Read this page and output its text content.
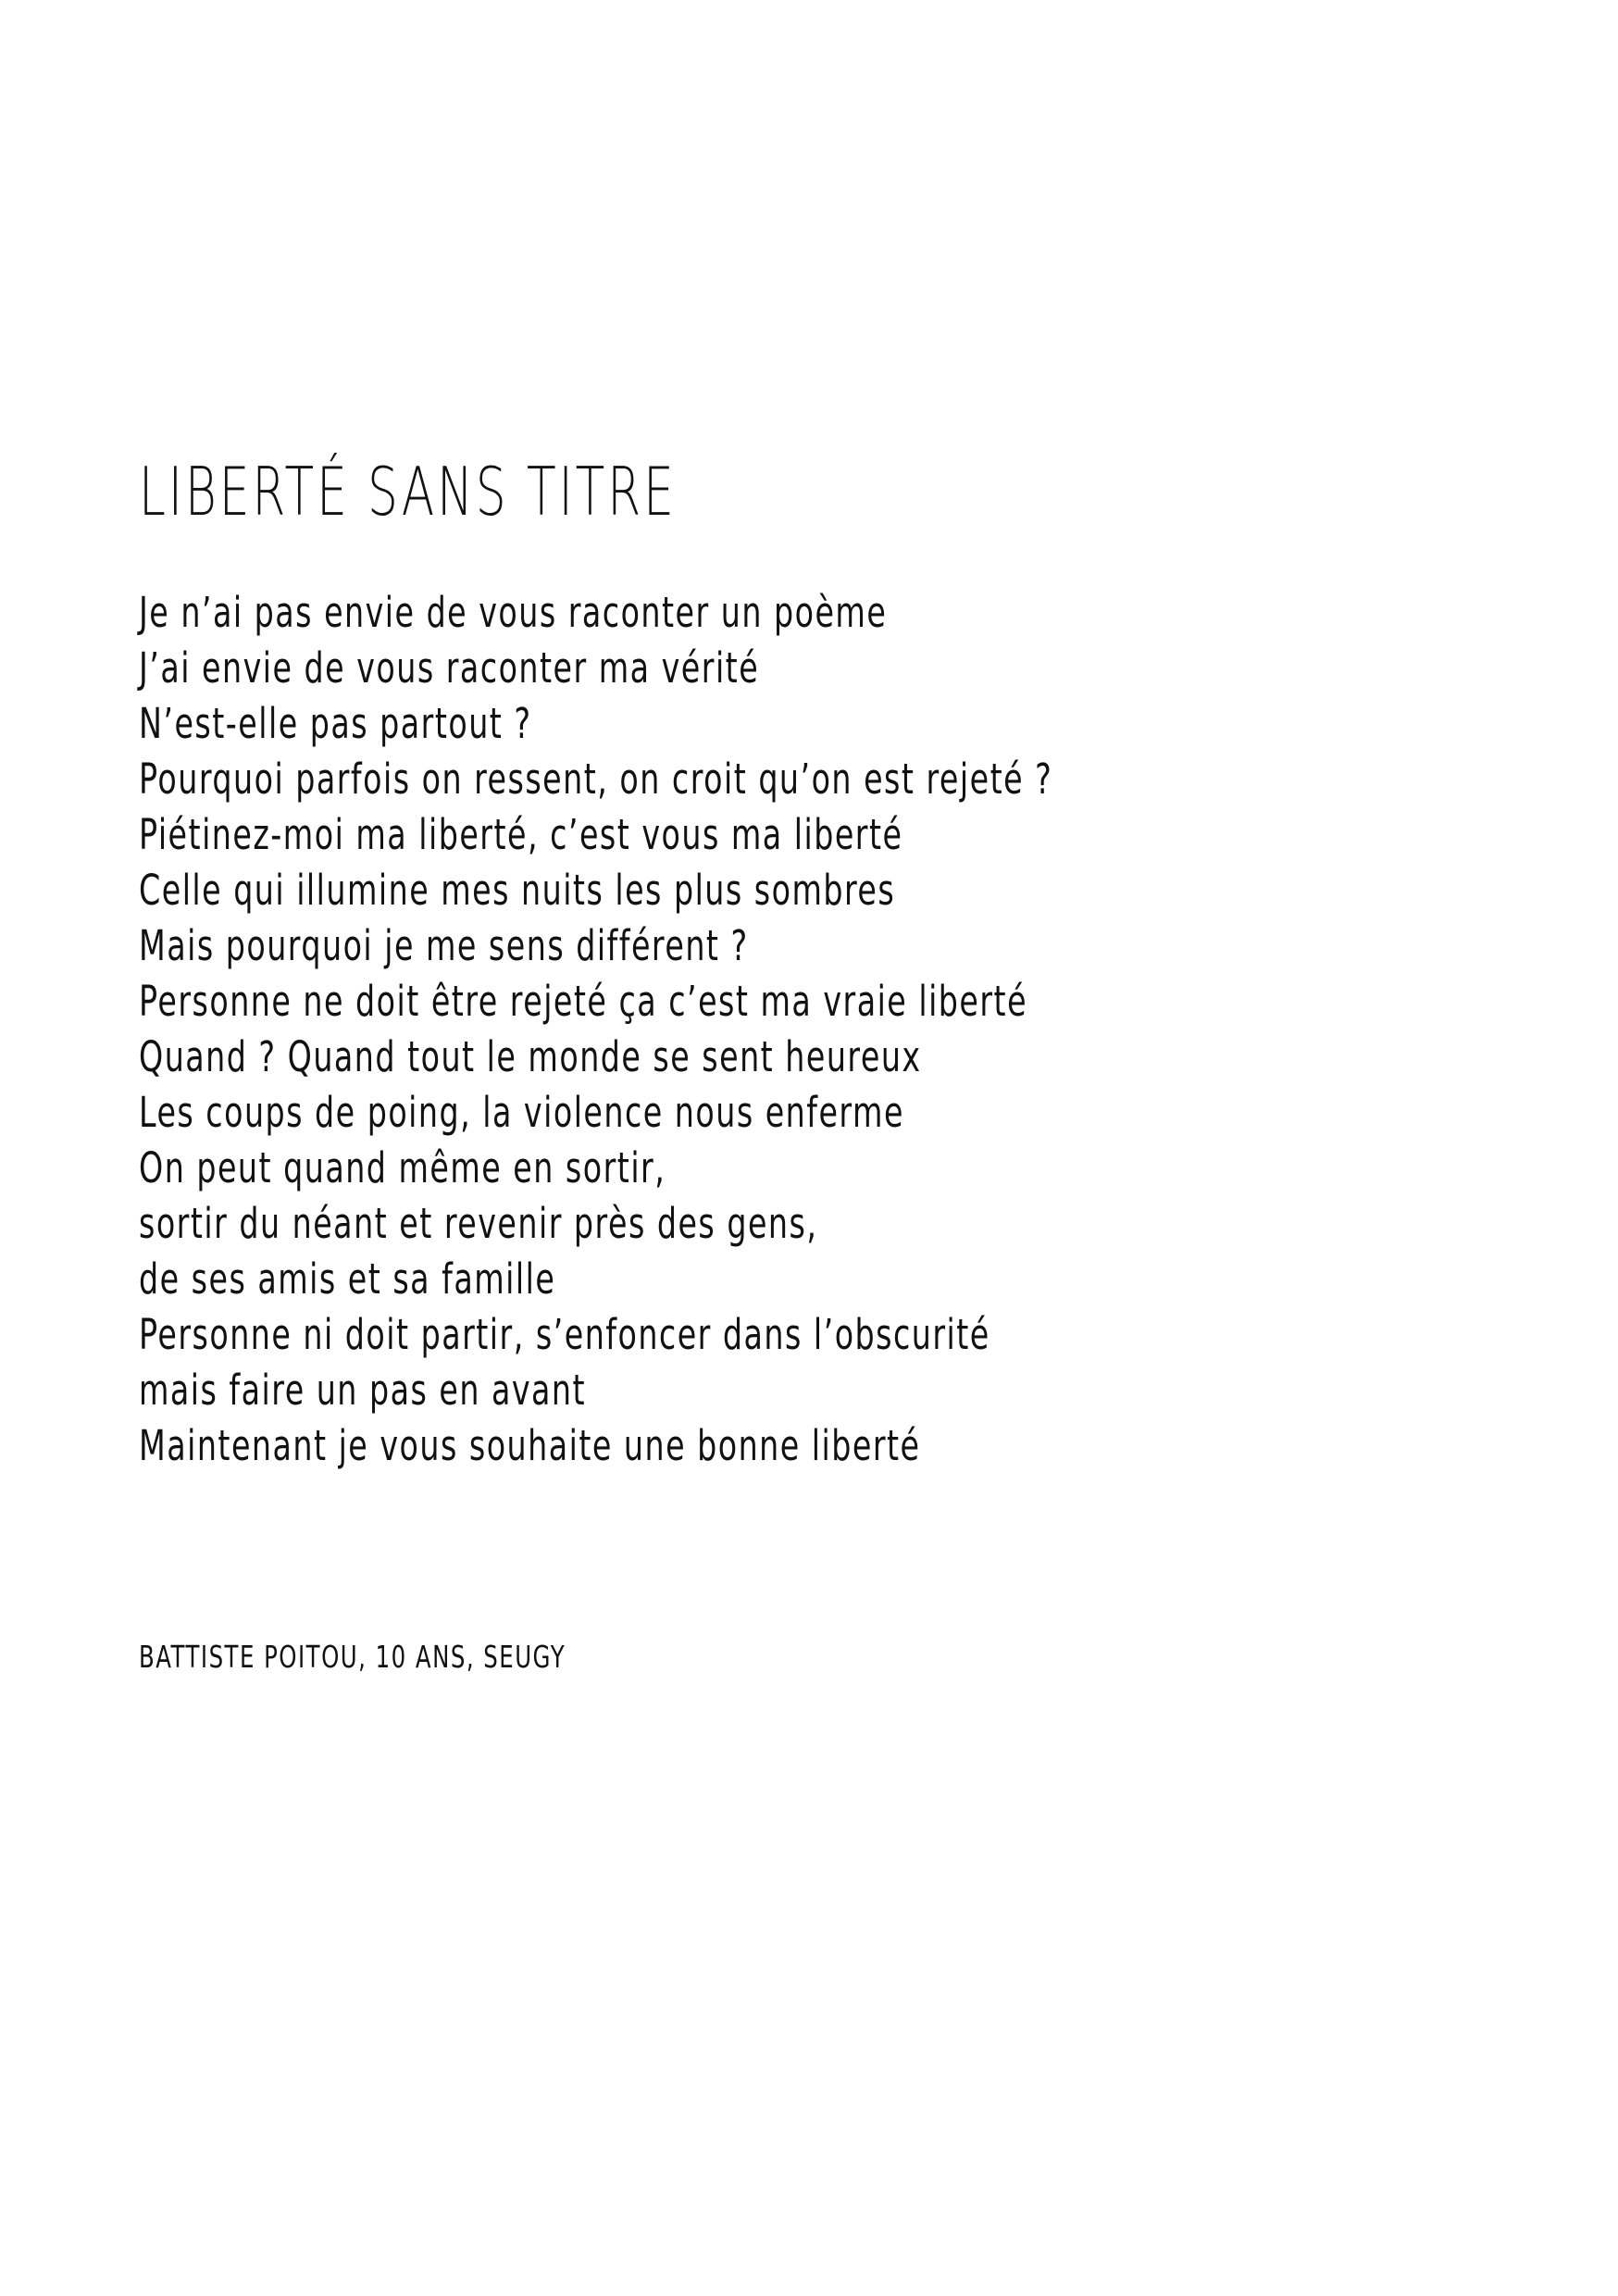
LIBERTÉ SANS TITRE
Je n’ai pas envie de vous raconter un poème
J’ai envie de vous raconter ma vérité
N’est-elle pas partout ?
Pourquoi parfois on ressent, on croit qu’on est rejeté ?
Piétinez-moi ma liberté, c’est vous ma liberté
Celle qui illumine mes nuits les plus sombres
Mais pourquoi je me sens différent ?
Personne ne doit être rejeté ça c’est ma vraie liberté
Quand ? Quand tout le monde se sent heureux
Les coups de poing, la violence nous enferme
On peut quand même en sortir,
sortir du néant et revenir près des gens,
de ses amis et sa famille
Personne ni doit partir, s’enfoncer dans l’obscurité
mais faire un pas en avant
Maintenant je vous souhaite une bonne liberté

BATTISTE POITOU, 10 ANS, SEUGY
